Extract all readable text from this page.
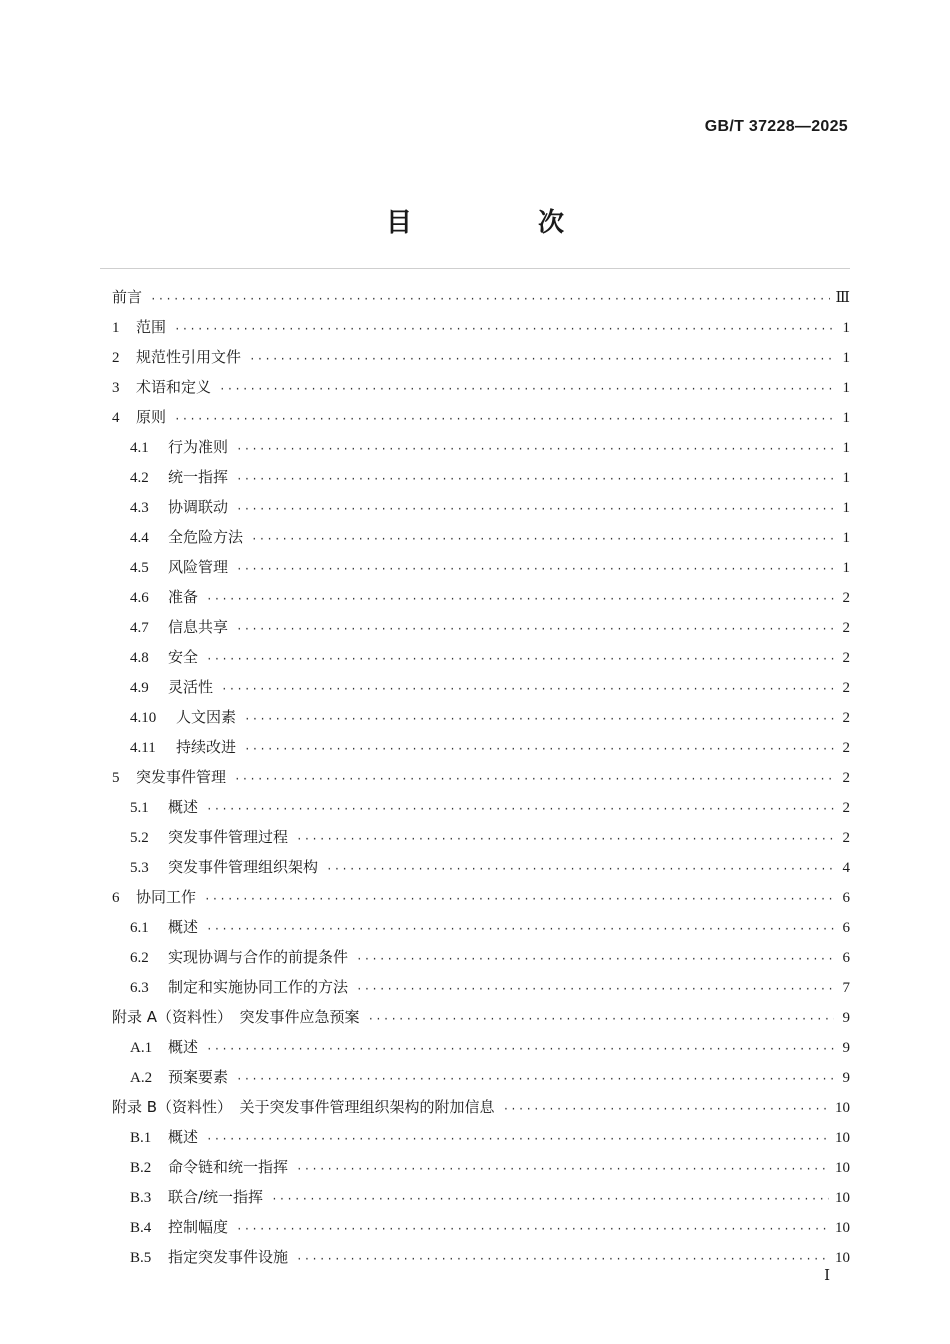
GB/T 37228—2025
目　次
前言 ·····	Ⅲ
1	范围 ·····	1
2	规范性引用文件 ·····	1
3	术语和定义 ·····	1
4	原则 ·····	1
4.1	行为准则 ·····	1
4.2	统一指挥 ·····	1
4.3	协调联动 ·····	1
4.4	全危险方法 ·····	1
4.5	风险管理 ·····	1
4.6	准备 ·····	2
4.7	信息共享 ·····	2
4.8	安全 ·····	2
4.9	灵活性 ·····	2
4.10	人文因素 ·····	2
4.11	持续改进 ·····	2
5	突发事件管理 ·····	2
5.1	概述 ·····	2
5.2	突发事件管理过程 ·····	2
5.3	突发事件管理组织架构 ·····	4
6	协同工作 ·····	6
6.1	概述 ·····	6
6.2	实现协调与合作的前提条件 ·····	6
6.3	制定和实施协同工作的方法 ·····	7
附录 A（资料性）　突发事件应急预案 ·····	9
A.1	概述 ·····	9
A.2	预案要素 ·····	9
附录 B（资料性）　关于突发事件管理组织架构的附加信息 ·····	10
B.1	概述 ·····	10
B.2	命令链和统一指挥 ·····	10
B.3	联合/统一指挥 ·····	10
B.4	控制幅度 ·····	10
B.5	指定突发事件设施 ·····	10
Ⅰ
